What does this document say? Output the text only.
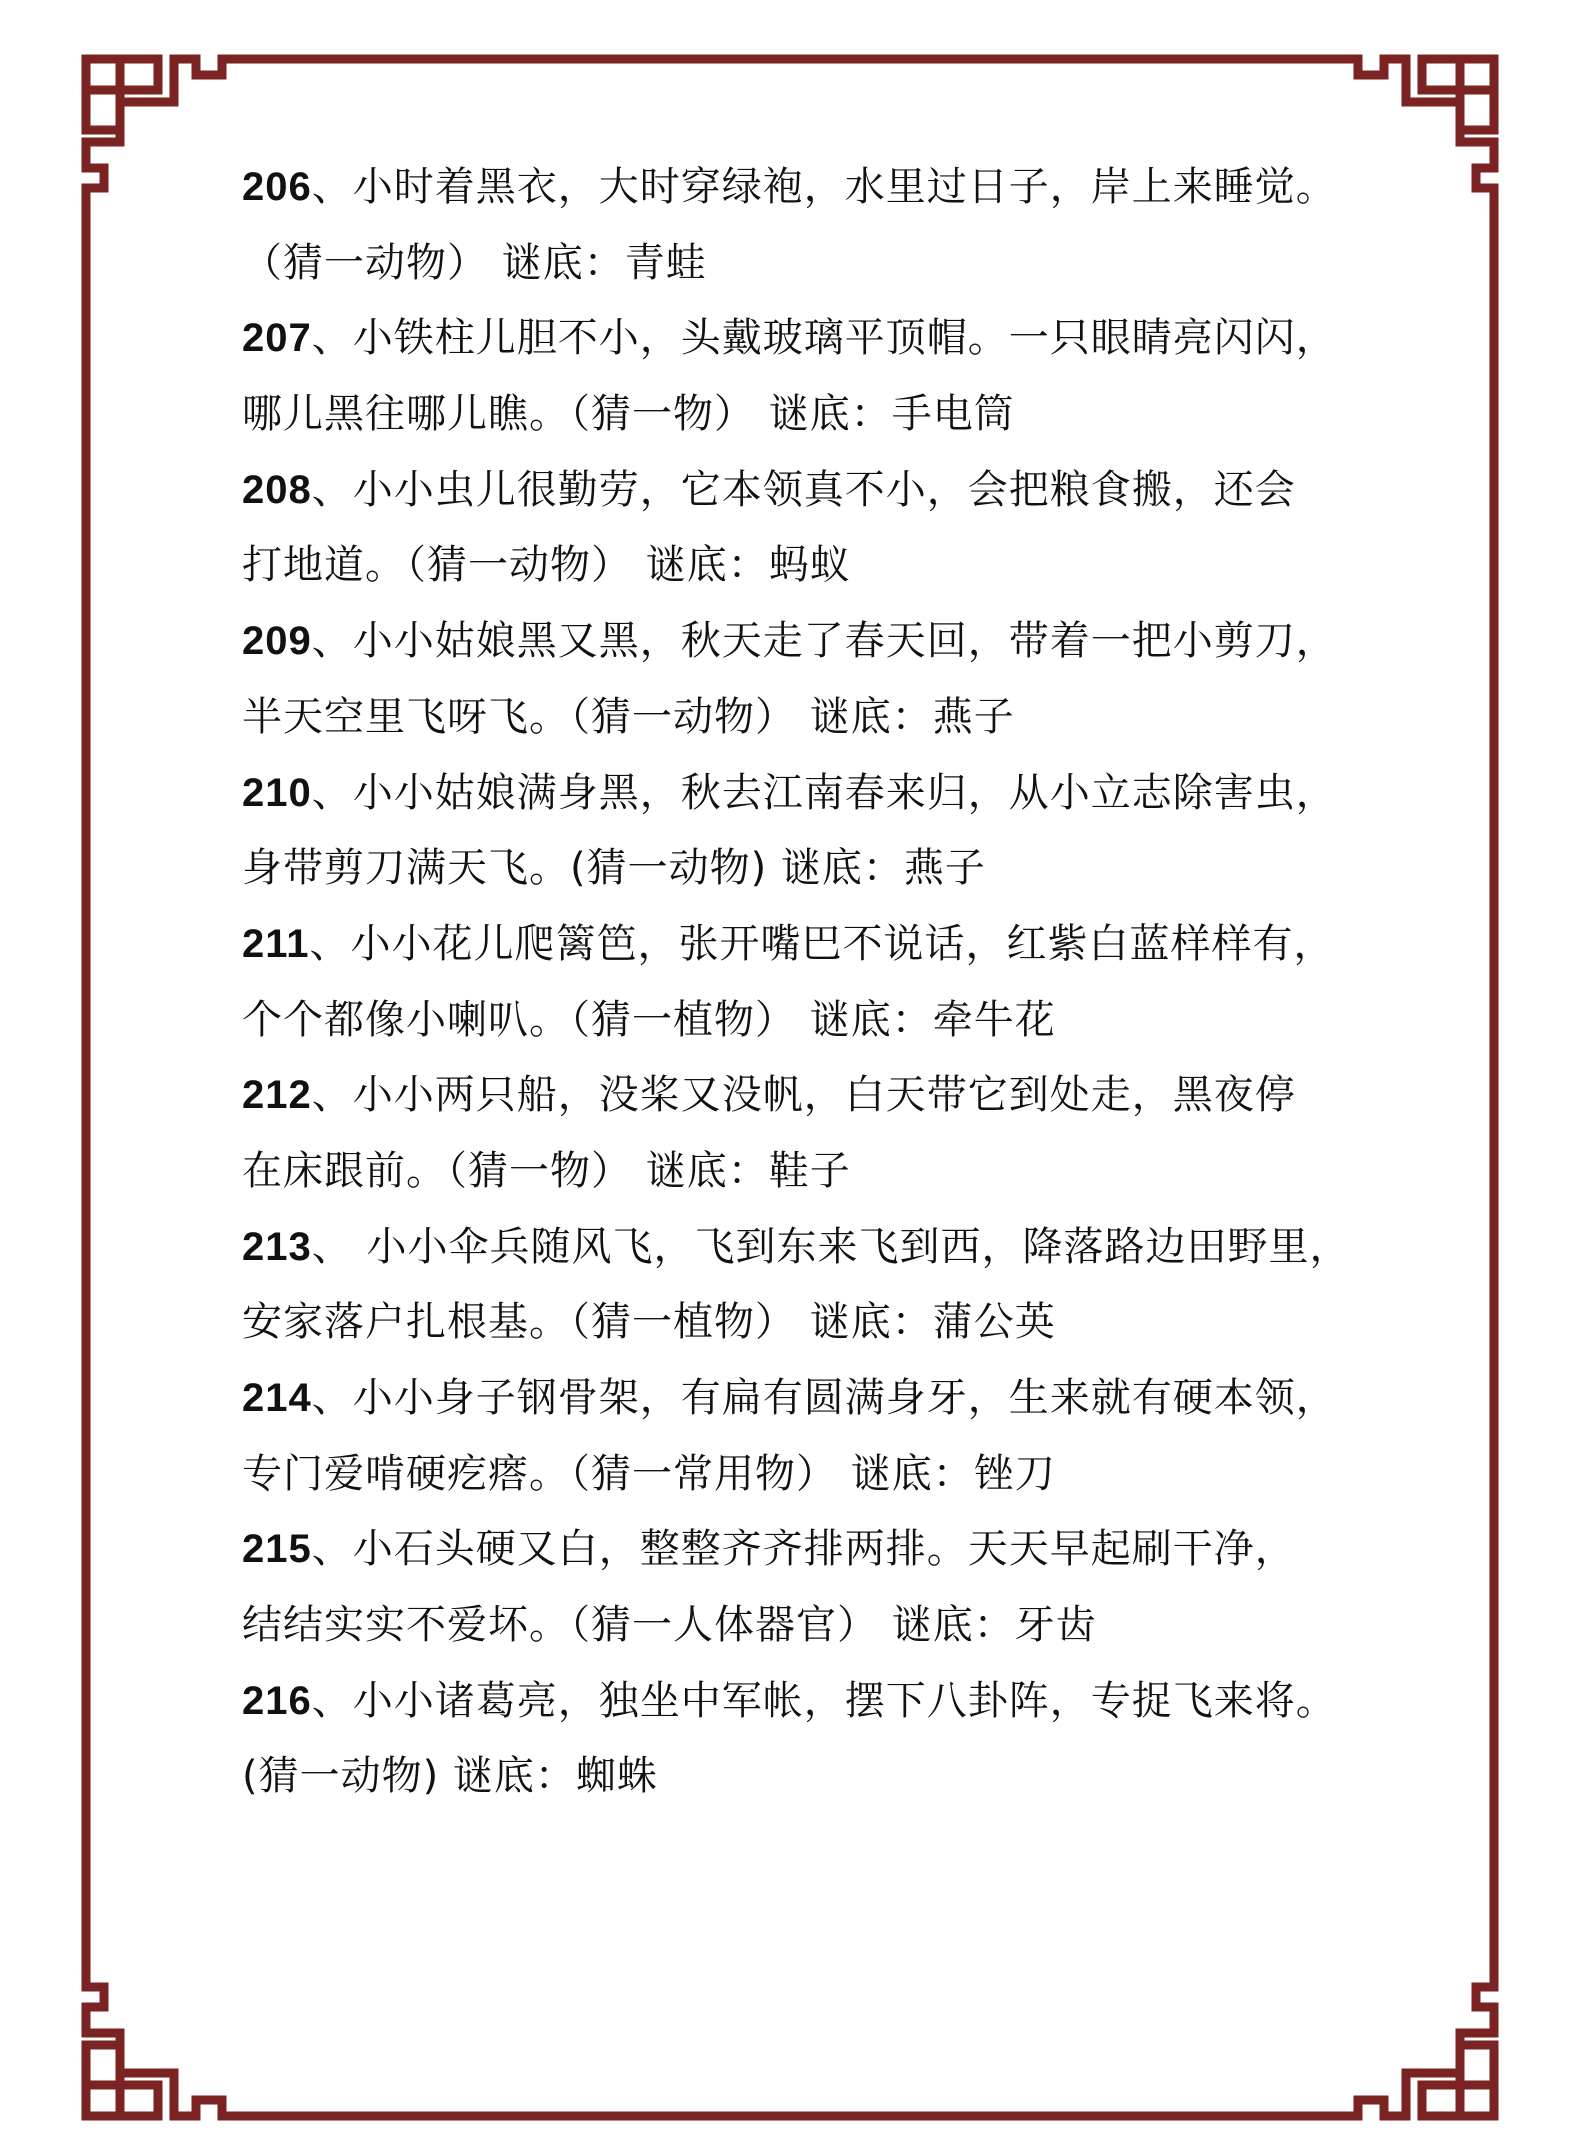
206、小时着黑衣，大时穿绿袍，水里过日子，岸上来睡觉。
（猜一动物） 谜底：青蛙
207、小铁柱儿胆不小，头戴玻璃平顶帽。一只眼睛亮闪闪，
哪儿黑往哪儿瞧。（猜一物） 谜底：手电筒
208、小小虫儿很勤劳，它本领真不小，会把粮食搬，还会
打地道。（猜一动物） 谜底：蚂蚁
209、小小姑娘黑又黑，秋天走了春天回，带着一把小剪刀，
半天空里飞呀飞。（猜一动物） 谜底：燕子
210、小小姑娘满身黑，秋去江南春来归，从小立志除害虫，
身带剪刀满天飞。(猜一动物) 谜底：燕子
211、小小花儿爬篱笆，张开嘴巴不说话，红紫白蓝样样有，
个个都像小喇叭。（猜一植物） 谜底：牵牛花
212、小小两只船，没桨又没帆，白天带它到处走，黑夜停
在床跟前。（猜一物） 谜底：鞋子
213、 小小伞兵随风飞，飞到东来飞到西，降落路边田野里，
安家落户扎根基。（猜一植物） 谜底：蒲公英
214、小小身子钢骨架，有扁有圆满身牙，生来就有硬本领，
专门爱啃硬疙瘩。（猜一常用物） 谜底：锉刀
215、小石头硬又白，整整齐齐排两排。天天早起刷干净，
结结实实不爱坏。（猜一人体器官） 谜底：牙齿
216、小小诸葛亮，独坐中军帐，摆下八卦阵，专捉飞来将。
(猜一动物) 谜底：蜘蛛
